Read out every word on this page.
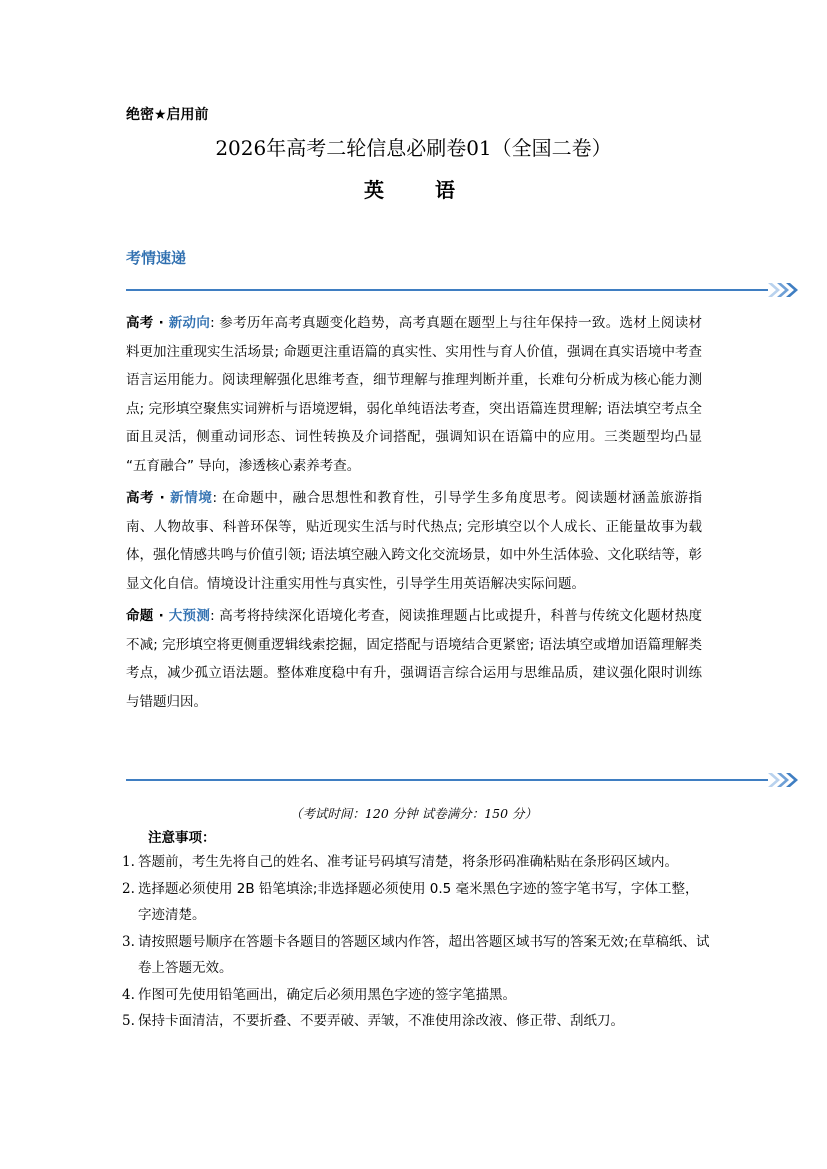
绝密★启用前
2026年高考二轮信息必刷卷01（全国二卷）
英 语
考情速递

高考 · 新动向: 参考历年高考真题变化趋势，高考真题在题型上与往年保持一致。选材上阅读材料更加注重现实生活场景; 命题更注重语篇的真实性、实用性与育人价值，强调在真实语境中考查语言运用能力。阅读理解强化思维考查，细节理解与推理判断并重，长难句分析成为核心能力测点; 完形填空聚焦实词辨析与语境逻辑，弱化单纯语法考查，突出语篇连贯理解; 语法填空考点全面且灵活，侧重动词形态、词性转换及介词搭配，强调知识在语篇中的应用。三类题型均凸显 “五育融合” 导向，渗透核心素养考查。

高考 · 新情境: 在命题中，融合思想性和教育性，引导学生多角度思考。阅读题材涵盖旅游指南、人物故事、科普环保等，贴近现实生活与时代热点; 完形填空以个人成长、正能量故事为载体，强化情感共鸣与价值引领; 语法填空融入跨文化交流场景，如中外生活体验、文化联结等，彰显文化自信。情境设计注重实用性与真实性，引导学生用英语解决实际问题。

命题 · 大预测: 高考将持续深化语境化考查，阅读推理题占比或提升，科普与传统文化题材热度不减; 完形填空将更侧重逻辑线索挖掘，固定搭配与语境结合更紧密; 语法填空或增加语篇理解类考点，减少孤立语法题。整体难度稳中有升，强调语言综合运用与思维品质，建议强化限时训练与错题归因。

（考试时间：120 分钟 试卷满分：150 分）
注意事项：
1. 答题前，考生先将自己的姓名、准考证号码填写清楚，将条形码准确粘贴在条形码区域内。
2. 选择题必须使用 2B 铅笔填涂;非选择题必须使用 0.5 毫米黑色字迹的签字笔书写，字体工整，字迹清楚。
3. 请按照题号顺序在答题卡各题目的答题区域内作答，超出答题区域书写的答案无效;在草稿纸、试卷上答题无效。
4. 作图可先使用铅笔画出，确定后必须用黑色字迹的签字笔描黑。
5. 保持卡面清洁，不要折叠、不要弄破、弄皱，不准使用涂改液、修正带、刮纸刀。
